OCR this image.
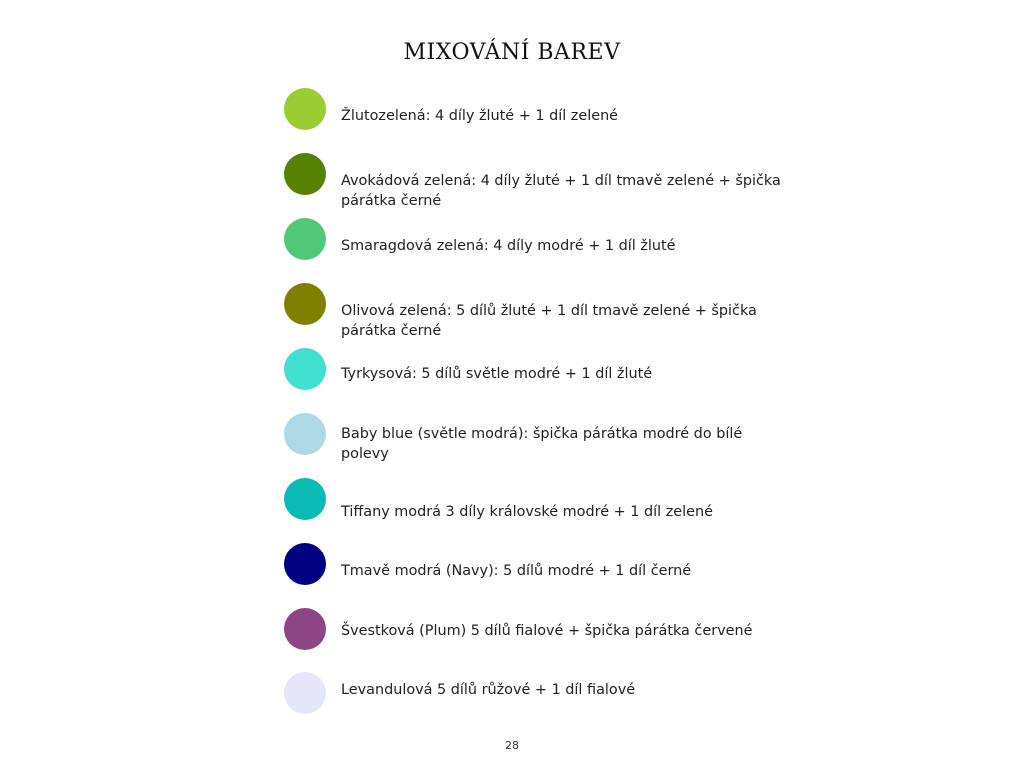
MIXOVÁNÍ BAREV
Žlutozelená: 4 díly žluté + 1 díl zelené
Avokádová zelená: 4 díly žluté + 1 díl tmavě zelené + špička párátka černé
Smaragdová zelená: 4 díly modré + 1 díl žluté
Olivová zelená: 5 dílů žluté + 1 díl tmavě zelené + špička párátka černé
Tyrkysová: 5 dílů světle modré + 1 díl žluté
Baby blue (světle modrá): špička párátka modré do bílé polevy
Tiffany modrá 3 díly královské modré + 1 díl zelené
Tmavě modrá (Navy): 5 dílů modré + 1 díl černé
Švestková (Plum) 5 dílů fialové + špička párátka červené
Levandulová 5 dílů růžové + 1 díl fialové
28
